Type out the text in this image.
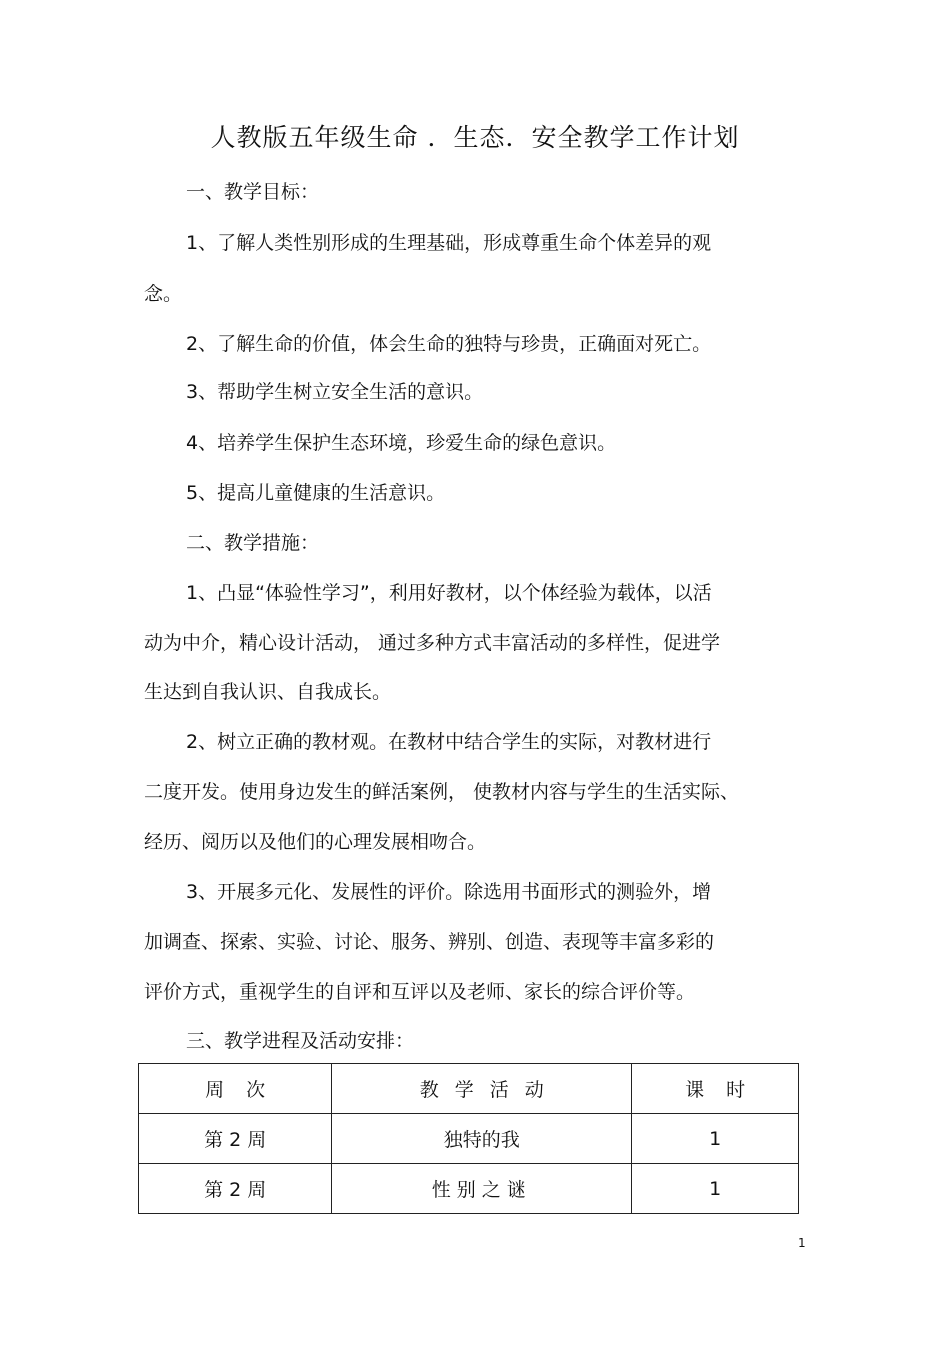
人教版五年级生命 ．生态．安全教学工作计划
一、教学目标：
1、了解人类性别形成的生理基础，形成尊重生命个体差异的观
念。
2、了解生命的价值，体会生命的独特与珍贵，正确面对死亡。
3、帮助学生树立安全生活的意识。
4、培养学生保护生态环境，珍爱生命的绿色意识。
5、提高儿童健康的生活意识。
二、教学措施：
1、凸显“体验性学习”，利用好教材，以个体经验为载体，以活
动为中介，精心设计活动， 通过多种方式丰富活动的多样性，促进学
生达到自我认识、自我成长。
2、树立正确的教材观。在教材中结合学生的实际，对教材进行
二度开发。使用身边发生的鲜活案例， 使教材内容与学生的生活实际、
经历、阅历以及他们的心理发展相吻合。
3、开展多元化、发展性的评价。除选用书面形式的测验外，增
加调查、探索、实验、讨论、服务、辨别、创造、表现等丰富多彩的
评价方式，重视学生的自评和互评以及老师、家长的综合评价等。
三、教学进程及活动安排：
周次	教学活动	课时
第 2 周	独特的我	1
第 2 周	性别之谜	1
1
